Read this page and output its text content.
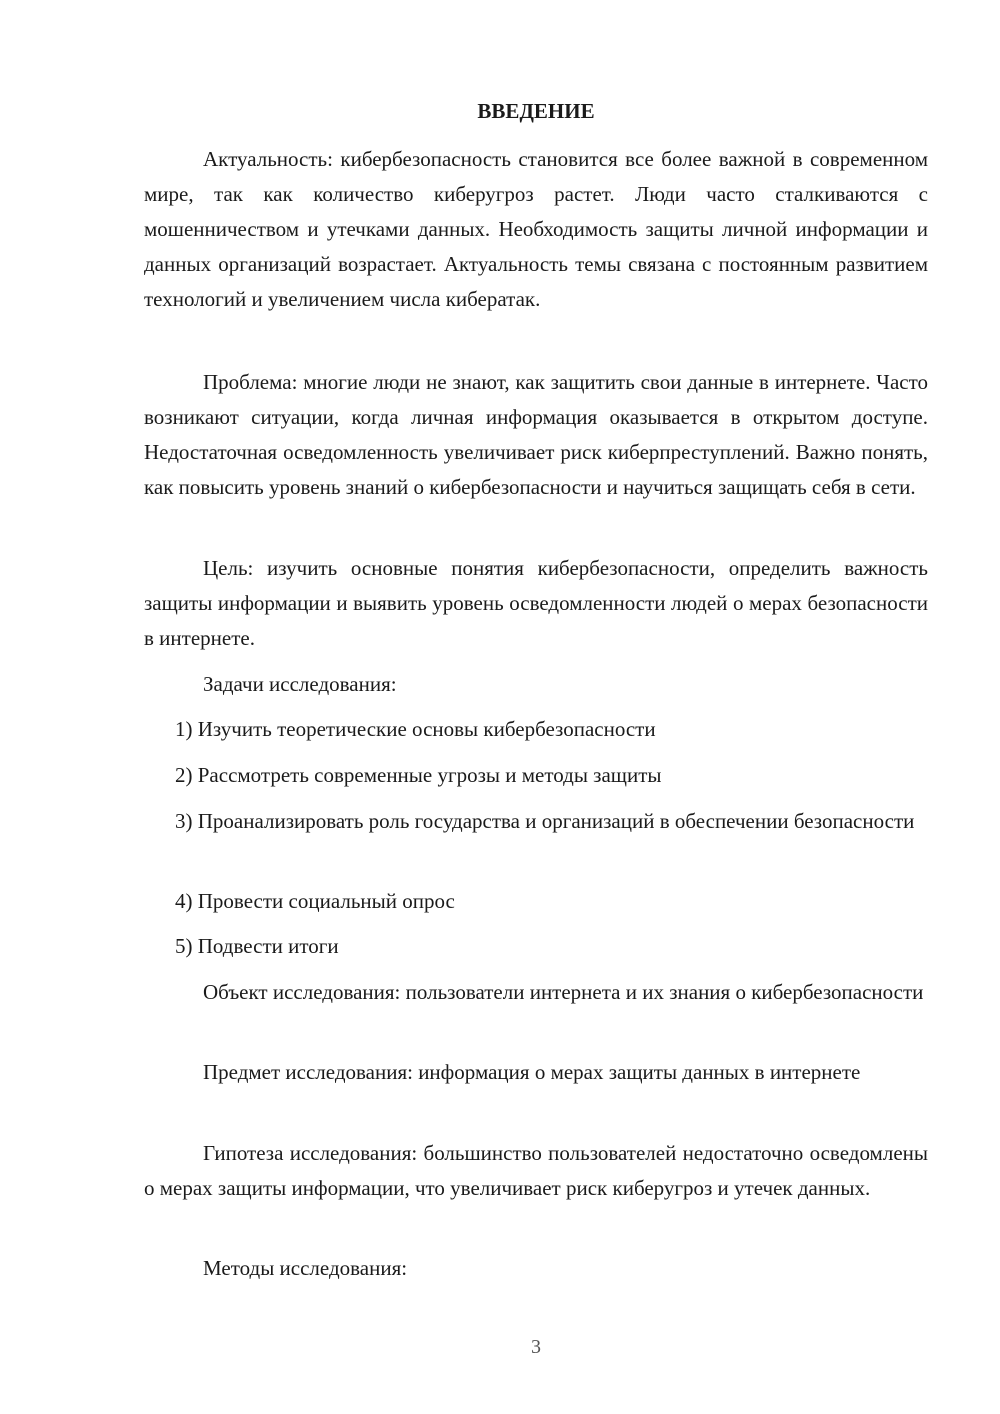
ВВЕДЕНИЕ

Актуальность: кибербезопасность становится все более важной в современном мире, так как количество киберугроз растет. Люди часто сталкиваются с мошенничеством и утечками данных. Необходимость защиты личной информации и данных организаций возрастает. Актуальность темы связана с постоянным развитием технологий и увеличением числа кибератак.

Проблема: многие люди не знают, как защитить свои данные в интернете. Часто возникают ситуации, когда личная информация оказывается в открытом доступе. Недостаточная осведомленность увеличивает риск киберпреступлений. Важно понять, как повысить уровень знаний о кибербезопасности и научиться защищать себя в сети.

Цель: изучить основные понятия кибербезопасности, определить важность защиты информации и выявить уровень осведомленности людей о мерах безопасности в интернете.

Задачи исследования:

1) Изучить теоретические основы кибербезопасности

2) Рассмотреть современные угрозы и методы защиты

3) Проанализировать роль государства и организаций в обеспечении безопасности

4) Провести социальный опрос

5) Подвести итоги

Объект исследования: пользователи интернета и их знания о кибербезопасности

Предмет исследования: информация о мерах защиты данных в интернете

Гипотеза исследования: большинство пользователей недостаточно осведомлены о мерах защиты информации, что увеличивает риск киберугроз и утечек данных.

Методы исследования:

3
